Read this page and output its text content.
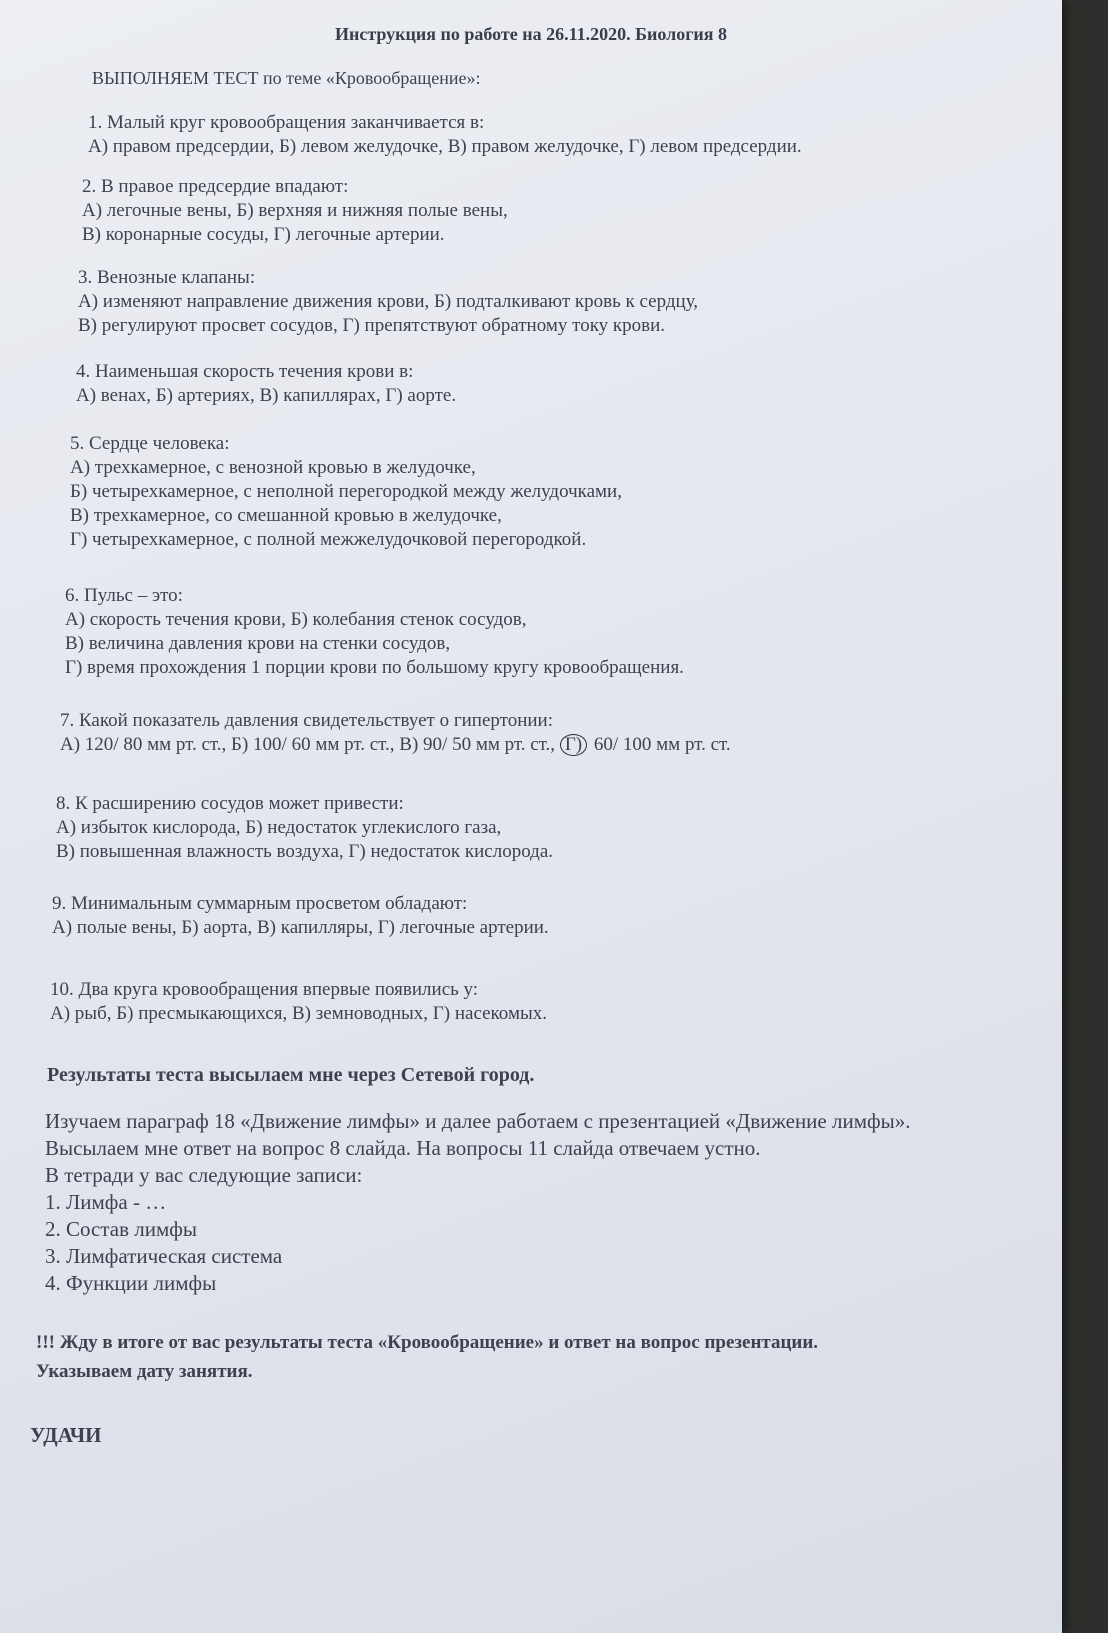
Инструкция по работе на 26.11.2020. Биология 8
ВЫПОЛНЯЕМ ТЕСТ по теме «Кровообращение»:
1. Малый круг кровообращения заканчивается в:
А) правом предсердии, Б) левом желудочке, В) правом желудочке, Г) левом предсердии.
2. В правое предсердие впадают:
А) легочные вены, Б) верхняя и нижняя полые вены,
В) коронарные сосуды, Г) легочные артерии.
3. Венозные клапаны:
А) изменяют направление движения крови, Б) подталкивают кровь к сердцу,
В) регулируют просвет сосудов, Г) препятствуют обратному току крови.
4. Наименьшая скорость течения крови в:
А) венах, Б) артериях, В) капиллярах, Г) аорте.
5. Сердце человека:
А) трехкамерное, с венозной кровью в желудочке,
Б) четырехкамерное, с неполной перегородкой между желудочками,
В) трехкамерное, со смешанной кровью в желудочке,
Г) четырехкамерное, с полной межжелудочковой перегородкой.
6. Пульс – это:
А) скорость течения крови, Б) колебания стенок сосудов,
В) величина давления крови на стенки сосудов,
Г) время прохождения 1 порции крови по большому кругу кровообращения.
7. Какой показатель давления свидетельствует о гипертонии:
А) 120/ 80 мм рт. ст., Б) 100/ 60 мм рт. ст., В) 90/ 50 мм рт. ст., Г) 60/ 100 мм рт. ст.
8. К расширению сосудов может привести:
А) избыток кислорода, Б) недостаток углекислого газа,
В) повышенная влажность воздуха, Г) недостаток кислорода.
9. Минимальным суммарным просветом обладают:
А) полые вены, Б) аорта, В) капилляры, Г) легочные артерии.
10. Два круга кровообращения впервые появились у:
А) рыб, Б) пресмыкающихся, В) земноводных, Г) насекомых.
Результаты теста высылаем мне через Сетевой город.
Изучаем параграф 18 «Движение лимфы» и далее работаем с презентацией «Движение лимфы».
Высылаем мне ответ на вопрос 8 слайда. На вопросы 11 слайда отвечаем устно.
В тетради у вас следующие записи:
1. Лимфа - …
2. Состав лимфы
3. Лимфатическая система
4. Функции лимфы
!!! Жду в итоге от вас результаты теста «Кровообращение» и ответ на вопрос презентации.
Указываем дату занятия.
УДАЧИ
